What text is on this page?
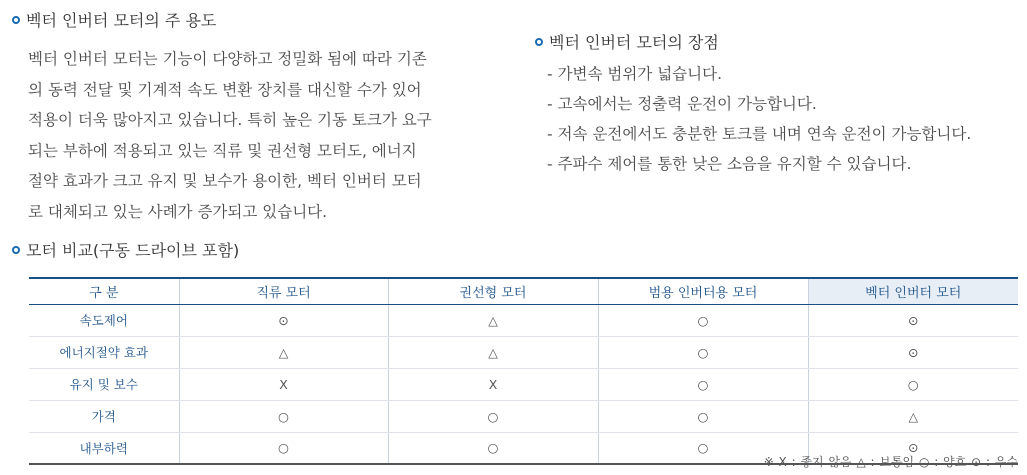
벡터 인버터 모터의 주 용도

벡터 인버터 모터는 기능이 다양하고 정밀화 됨에 따라 기존
의 동력 전달 및 기계적 속도 변환 장치를 대신할 수가 있어
적용이 더욱 많아지고 있습니다. 특히 높은 기동 토크가 요구
되는 부하에 적용되고 있는 직류 및 권선형 모터도, 에너지
절약 효과가 크고 유지 및 보수가 용이한, 벡터 인버터 모터
로 대체되고 있는 사례가 증가되고 있습니다.

벡터 인버터 모터의 장점
- 가변속 범위가 넓습니다.
- 고속에서는 정출력 운전이 가능합니다.
- 저속 운전에서도 충분한 토크를 내며 연속 운전이 가능합니다.
- 주파수 제어를 통한 낮은 소음을 유지할 수 있습니다.
모터 비교(구동 드라이브 포함)
구 분	직류 모터	권선형 모터	범용 인버터용 모터	벡터 인버터 모터
속도제어	⊙	△	○	⊙
에너지절약 효과	△	△	○	⊙
유지 및 보수	X	X	○	○
가격	○	○	○	△
내부하력	○	○	○	⊙
※ X : 좋지 않음 △ : 보통임 ○ : 양호 ⊙ : 우수
